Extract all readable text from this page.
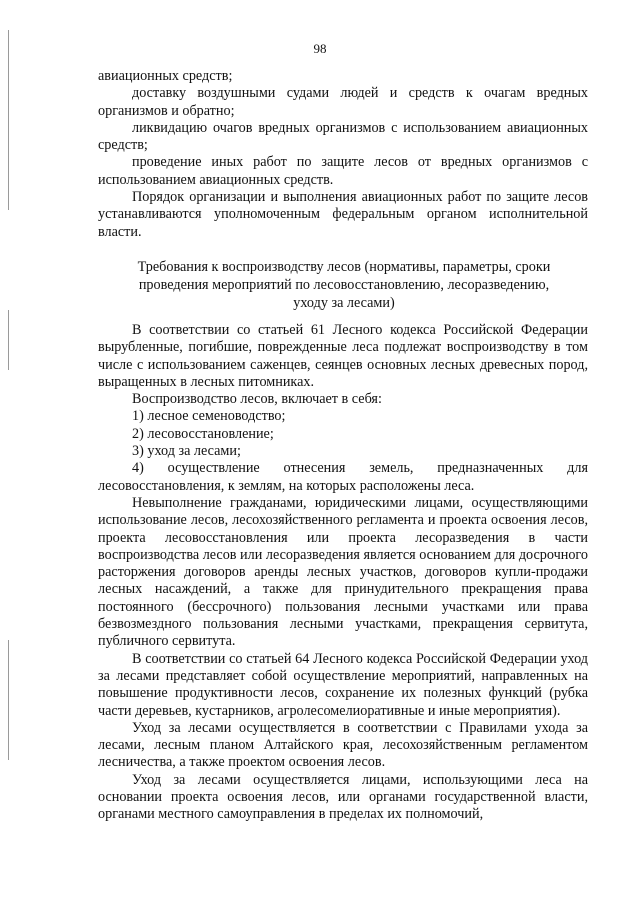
98

авиационных средств;

доставку воздушными судами людей и средств к очагам вредных организмов и обратно;

ликвидацию очагов вредных организмов с использованием авиационных средств;

проведение иных работ по защите лесов от вредных организмов с использованием авиационных средств.

Порядок организации и выполнения авиационных работ по защите лесов устанавливаются уполномоченным федеральным органом исполнительной власти.

Требования к воспроизводству лесов (нормативы, параметры, сроки проведения мероприятий по лесовосстановлению, лесоразведению, уходу за лесами)

В соответствии со статьей 61 Лесного кодекса Российской Федерации вырубленные, погибшие, поврежденные леса подлежат воспроизводству в том числе с использованием саженцев, сеянцев основных лесных древесных пород, выращенных в лесных питомниках.

Воспроизводство лесов, включает в себя:

1) лесное семеноводство;

2) лесовосстановление;

3) уход за лесами;

4) осуществление отнесения земель, предназначенных для лесовосстановления, к землям, на которых расположены леса.

Невыполнение гражданами, юридическими лицами, осуществляющими использование лесов, лесохозяйственного регламента и проекта освоения лесов, проекта лесовосстановления или проекта лесоразведения в части воспроизводства лесов или лесоразведения является основанием для досрочного расторжения договоров аренды лесных участков, договоров купли-продажи лесных насаждений, а также для принудительного прекращения права постоянного (бессрочного) пользования лесными участками или права безвозмездного пользования лесными участками, прекращения сервитута, публичного сервитута.

В соответствии со статьей 64 Лесного кодекса Российской Федерации уход за лесами представляет собой осуществление мероприятий, направленных на повышение продуктивности лесов, сохранение их полезных функций (рубка части деревьев, кустарников, агролесомелиоративные и иные мероприятия).

Уход за лесами осуществляется в соответствии с Правилами ухода за лесами, лесным планом Алтайского края, лесохозяйственным регламентом лесничества, а также проектом освоения лесов.

Уход за лесами осуществляется лицами, использующими леса на основании проекта освоения лесов, или органами государственной власти, органами местного самоуправления в пределах их полномочий,
